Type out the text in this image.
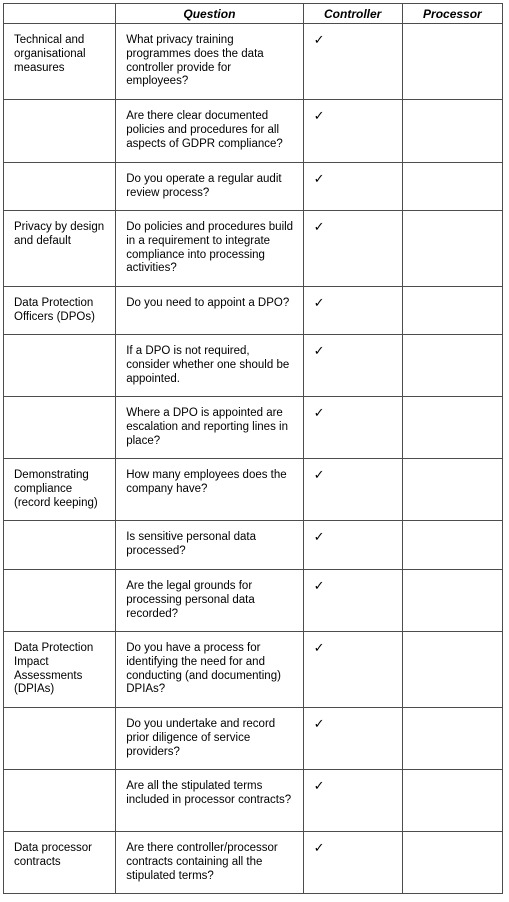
	Question	Controller	Processor

Technical and organisational measures	What privacy training programmes does the data controller provide for employees?	✓	

	Are there clear documented policies and procedures for all aspects of GDPR compliance?	✓	

	Do you operate a regular audit review process?	✓	

Privacy by design and default	Do policies and procedures build in a requirement to integrate compliance into processing activities?	✓	

Data Protection Officers (DPOs)	Do you need to appoint a DPO?	✓	

	If a DPO is not required, consider whether one should be appointed.	✓	

	Where a DPO is appointed are escalation and reporting lines in place?	✓	

Demonstrating compliance (record keeping)	How many employees does the company have?	✓	

	Is sensitive personal data processed?	✓	

	Are the legal grounds for processing personal data recorded?	✓	

Data Protection Impact Assessments (DPIAs)	Do you have a process for identifying the need for and conducting (and documenting) DPIAs?	✓	

	Do you undertake and record prior diligence of service providers?	✓	

	Are all the stipulated terms included in processor contracts?	✓	

Data processor contracts	Are there controller/processor contracts containing all the stipulated terms?	✓	
